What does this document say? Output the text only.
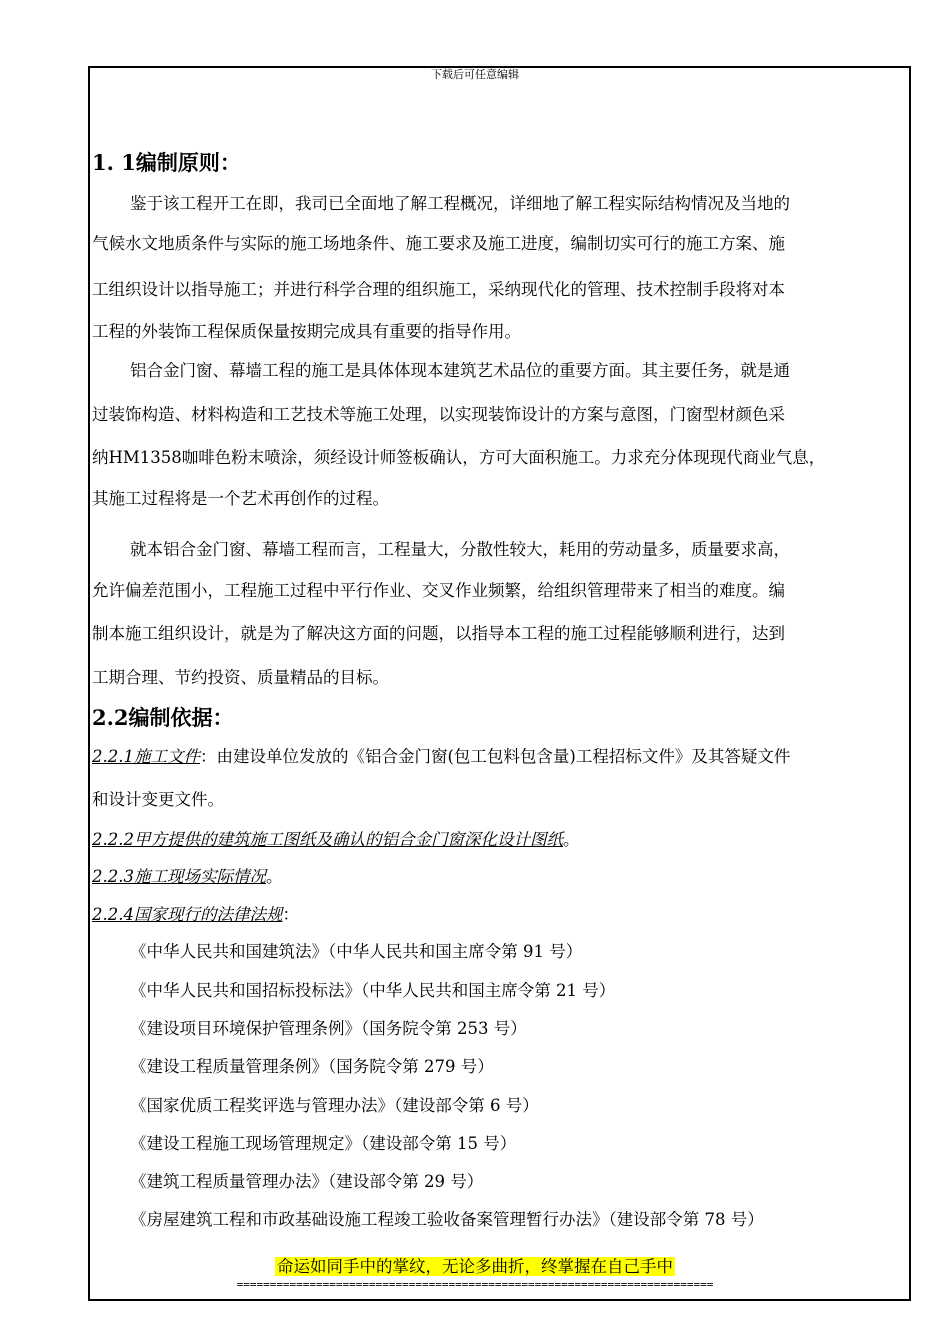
下载后可任意编辑
1. 1编制原则：
鉴于该工程开工在即，我司已全面地了解工程概况，详细地了解工程实际结构情况及当地的
气候水文地质条件与实际的施工场地条件、施工要求及施工进度，编制切实可行的施工方案、施
工组织设计以指导施工；并进行科学合理的组织施工，采纳现代化的管理、技术控制手段将对本
工程的外装饰工程保质保量按期完成具有重要的指导作用。
铝合金门窗、幕墙工程的施工是具体体现本建筑艺术品位的重要方面。其主要任务，就是通
过装饰构造、材料构造和工艺技术等施工处理，以实现装饰设计的方案与意图，门窗型材颜色采
纳HM1358咖啡色粉末喷涂，须经设计师签板确认，方可大面积施工。力求充分体现现代商业气息，
其施工过程将是一个艺术再创作的过程。
就本铝合金门窗、幕墙工程而言，工程量大，分散性较大，耗用的劳动量多，质量要求高，
允许偏差范围小，工程施工过程中平行作业、交叉作业频繁，给组织管理带来了相当的难度。编
制本施工组织设计，就是为了解决这方面的问题，以指导本工程的施工过程能够顺利进行，达到
工期合理、节约投资、质量精品的目标。
2.2编制依据：
2.2.1施工文件：由建设单位发放的《铝合金门窗(包工包料包含量)工程招标文件》及其答疑文件
和设计变更文件。
2.2.2甲方提供的建筑施工图纸及确认的铝合金门窗深化设计图纸。
2.2.3施工现场实际情况。
2.2.4国家现行的法律法规：
《中华人民共和国建筑法》（中华人民共和国主席令第 91 号）
《中华人民共和国招标投标法》（中华人民共和国主席令第 21 号）
《建设项目环境保护管理条例》（国务院令第 253 号）
《建设工程质量管理条例》（国务院令第 279 号）
《国家优质工程奖评选与管理办法》（建设部令第 6 号）
《建设工程施工现场管理规定》（建设部令第 15 号）
《建筑工程质量管理办法》（建设部令第 29 号）
《房屋建筑工程和市政基础设施工程竣工验收备案管理暂行办法》（建设部令第 78 号）
命运如同手中的掌纹，无论多曲折，终掌握在自己手中
========================================================================
